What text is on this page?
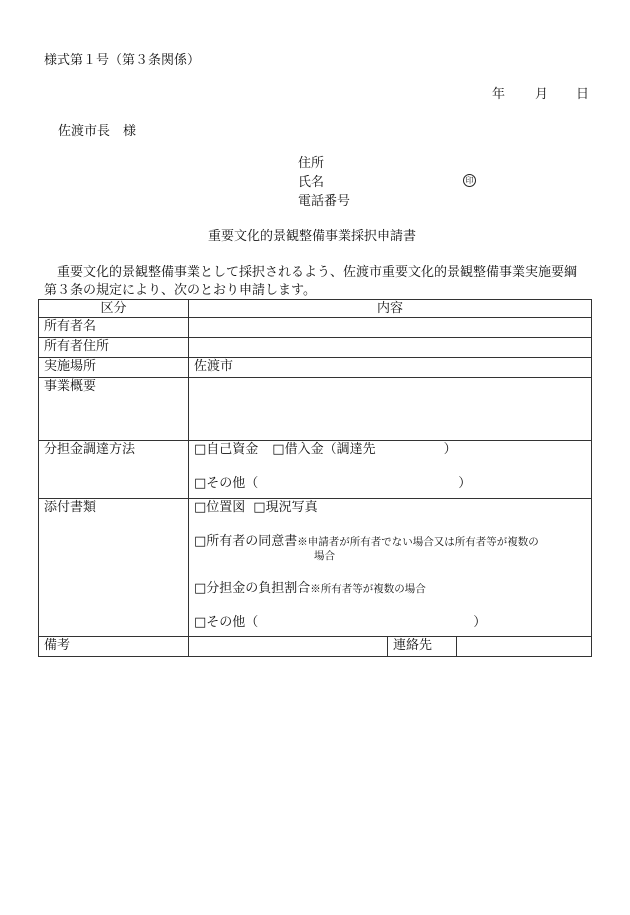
様式第１号（第３条関係）
年 月 日
佐渡市長　様
住所
氏名
電話番号
印
重要文化的景観整備事業採択申請書
重要文化的景観整備事業として採択されるよう、佐渡市重要文化的景観整備事業実施要綱第３条の規定により、次のとおり申請します。
区分	内容		
所有者名			
所有者住所			
実施場所	佐渡市		
事業概要			
分担金調達方法	□自己資金 □借入金（調達先 ）
□その他（ ）		

添付書類	□位置図 □現況写真
□所有者の同意書※申請者が所有者でない場合又は所有者等が複数の
場合
□分担金の負担割合※所有者等が複数の場合
□その他（ ）		

備考		連絡先	
